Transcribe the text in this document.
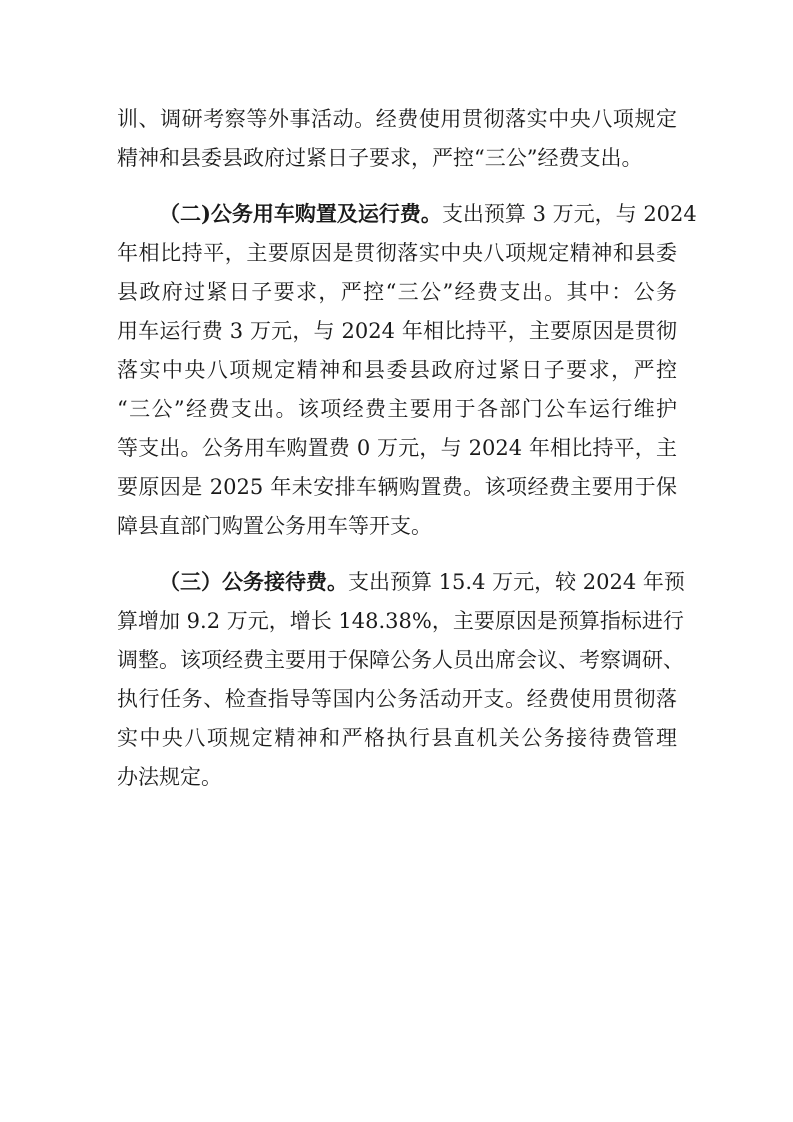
训、调研考察等外事活动。经费使用贯彻落实中央八项规定
精神和县委县政府过紧日子要求，严控“三公”经费支出。
（二)公务用车购置及运行费。支出预算 3 万元，与 2024
年相比持平，主要原因是贯彻落实中央八项规定精神和县委
县政府过紧日子要求，严控“三公”经费支出。其中：公务
用车运行费 3 万元，与 2024 年相比持平，主要原因是贯彻
落实中央八项规定精神和县委县政府过紧日子要求，严控
“三公”经费支出。该项经费主要用于各部门公车运行维护
等支出。公务用车购置费 0 万元，与 2024 年相比持平，主
要原因是 2025 年未安排车辆购置费。该项经费主要用于保
障县直部门购置公务用车等开支。
（三）公务接待费。支出预算 15.4 万元，较 2024 年预
算增加 9.2 万元，增长 148.38%，主要原因是预算指标进行
调整。该项经费主要用于保障公务人员出席会议、考察调研、
执行任务、检查指导等国内公务活动开支。经费使用贯彻落
实中央八项规定精神和严格执行县直机关公务接待费管理
办法规定。
